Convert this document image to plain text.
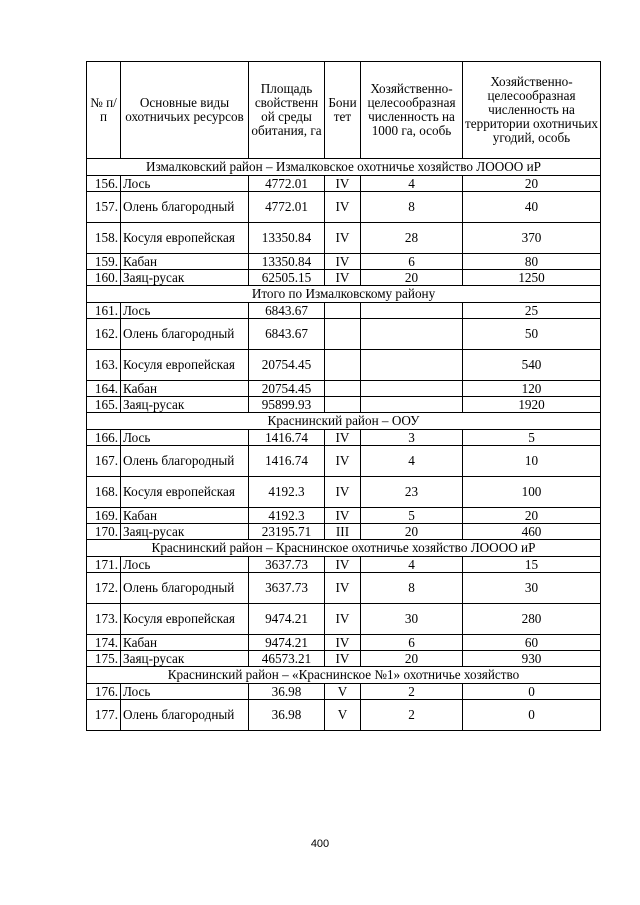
№ п/п	Основные виды охотничьих ресурсов	Площадь свойственн ой среды обитания, га	Бони тет	Хозяйственно-целесообразная численность на 1000 га, особь	Хозяйственно-целесообразная численность на территории охотничьих угодий, особь
Измалковский район – Измалковское охотничье хозяйство ЛОООО иР					
156.	Лось	4772.01	IV	4	20
157.	Олень благородный	4772.01	IV	8	40
158.	Косуля европейская	13350.84	IV	28	370
159.	Кабан	13350.84	IV	6	80
160.	Заяц-русак	62505.15	IV	20	1250
Итого по Измалковскому району					
161.	Лось	6843.67			25
162.	Олень благородный	6843.67			50
163.	Косуля европейская	20754.45			540
164.	Кабан	20754.45			120
165.	Заяц-русак	95899.93			1920
Краснинский район – ООУ					
166.	Лось	1416.74	IV	3	5
167.	Олень благородный	1416.74	IV	4	10
168.	Косуля европейская	4192.3	IV	23	100
169.	Кабан	4192.3	IV	5	20
170.	Заяц-русак	23195.71	III	20	460
Краснинский район – Краснинское охотничье хозяйство ЛОООО иР					
171.	Лось	3637.73	IV	4	15
172.	Олень благородный	3637.73	IV	8	30
173.	Косуля европейская	9474.21	IV	30	280
174.	Кабан	9474.21	IV	6	60
175.	Заяц-русак	46573.21	IV	20	930
Краснинский район – «Краснинское №1» охотничье хозяйство					
176.	Лось	36.98	V	2	0
177.	Олень благородный	36.98	V	2	0
400
